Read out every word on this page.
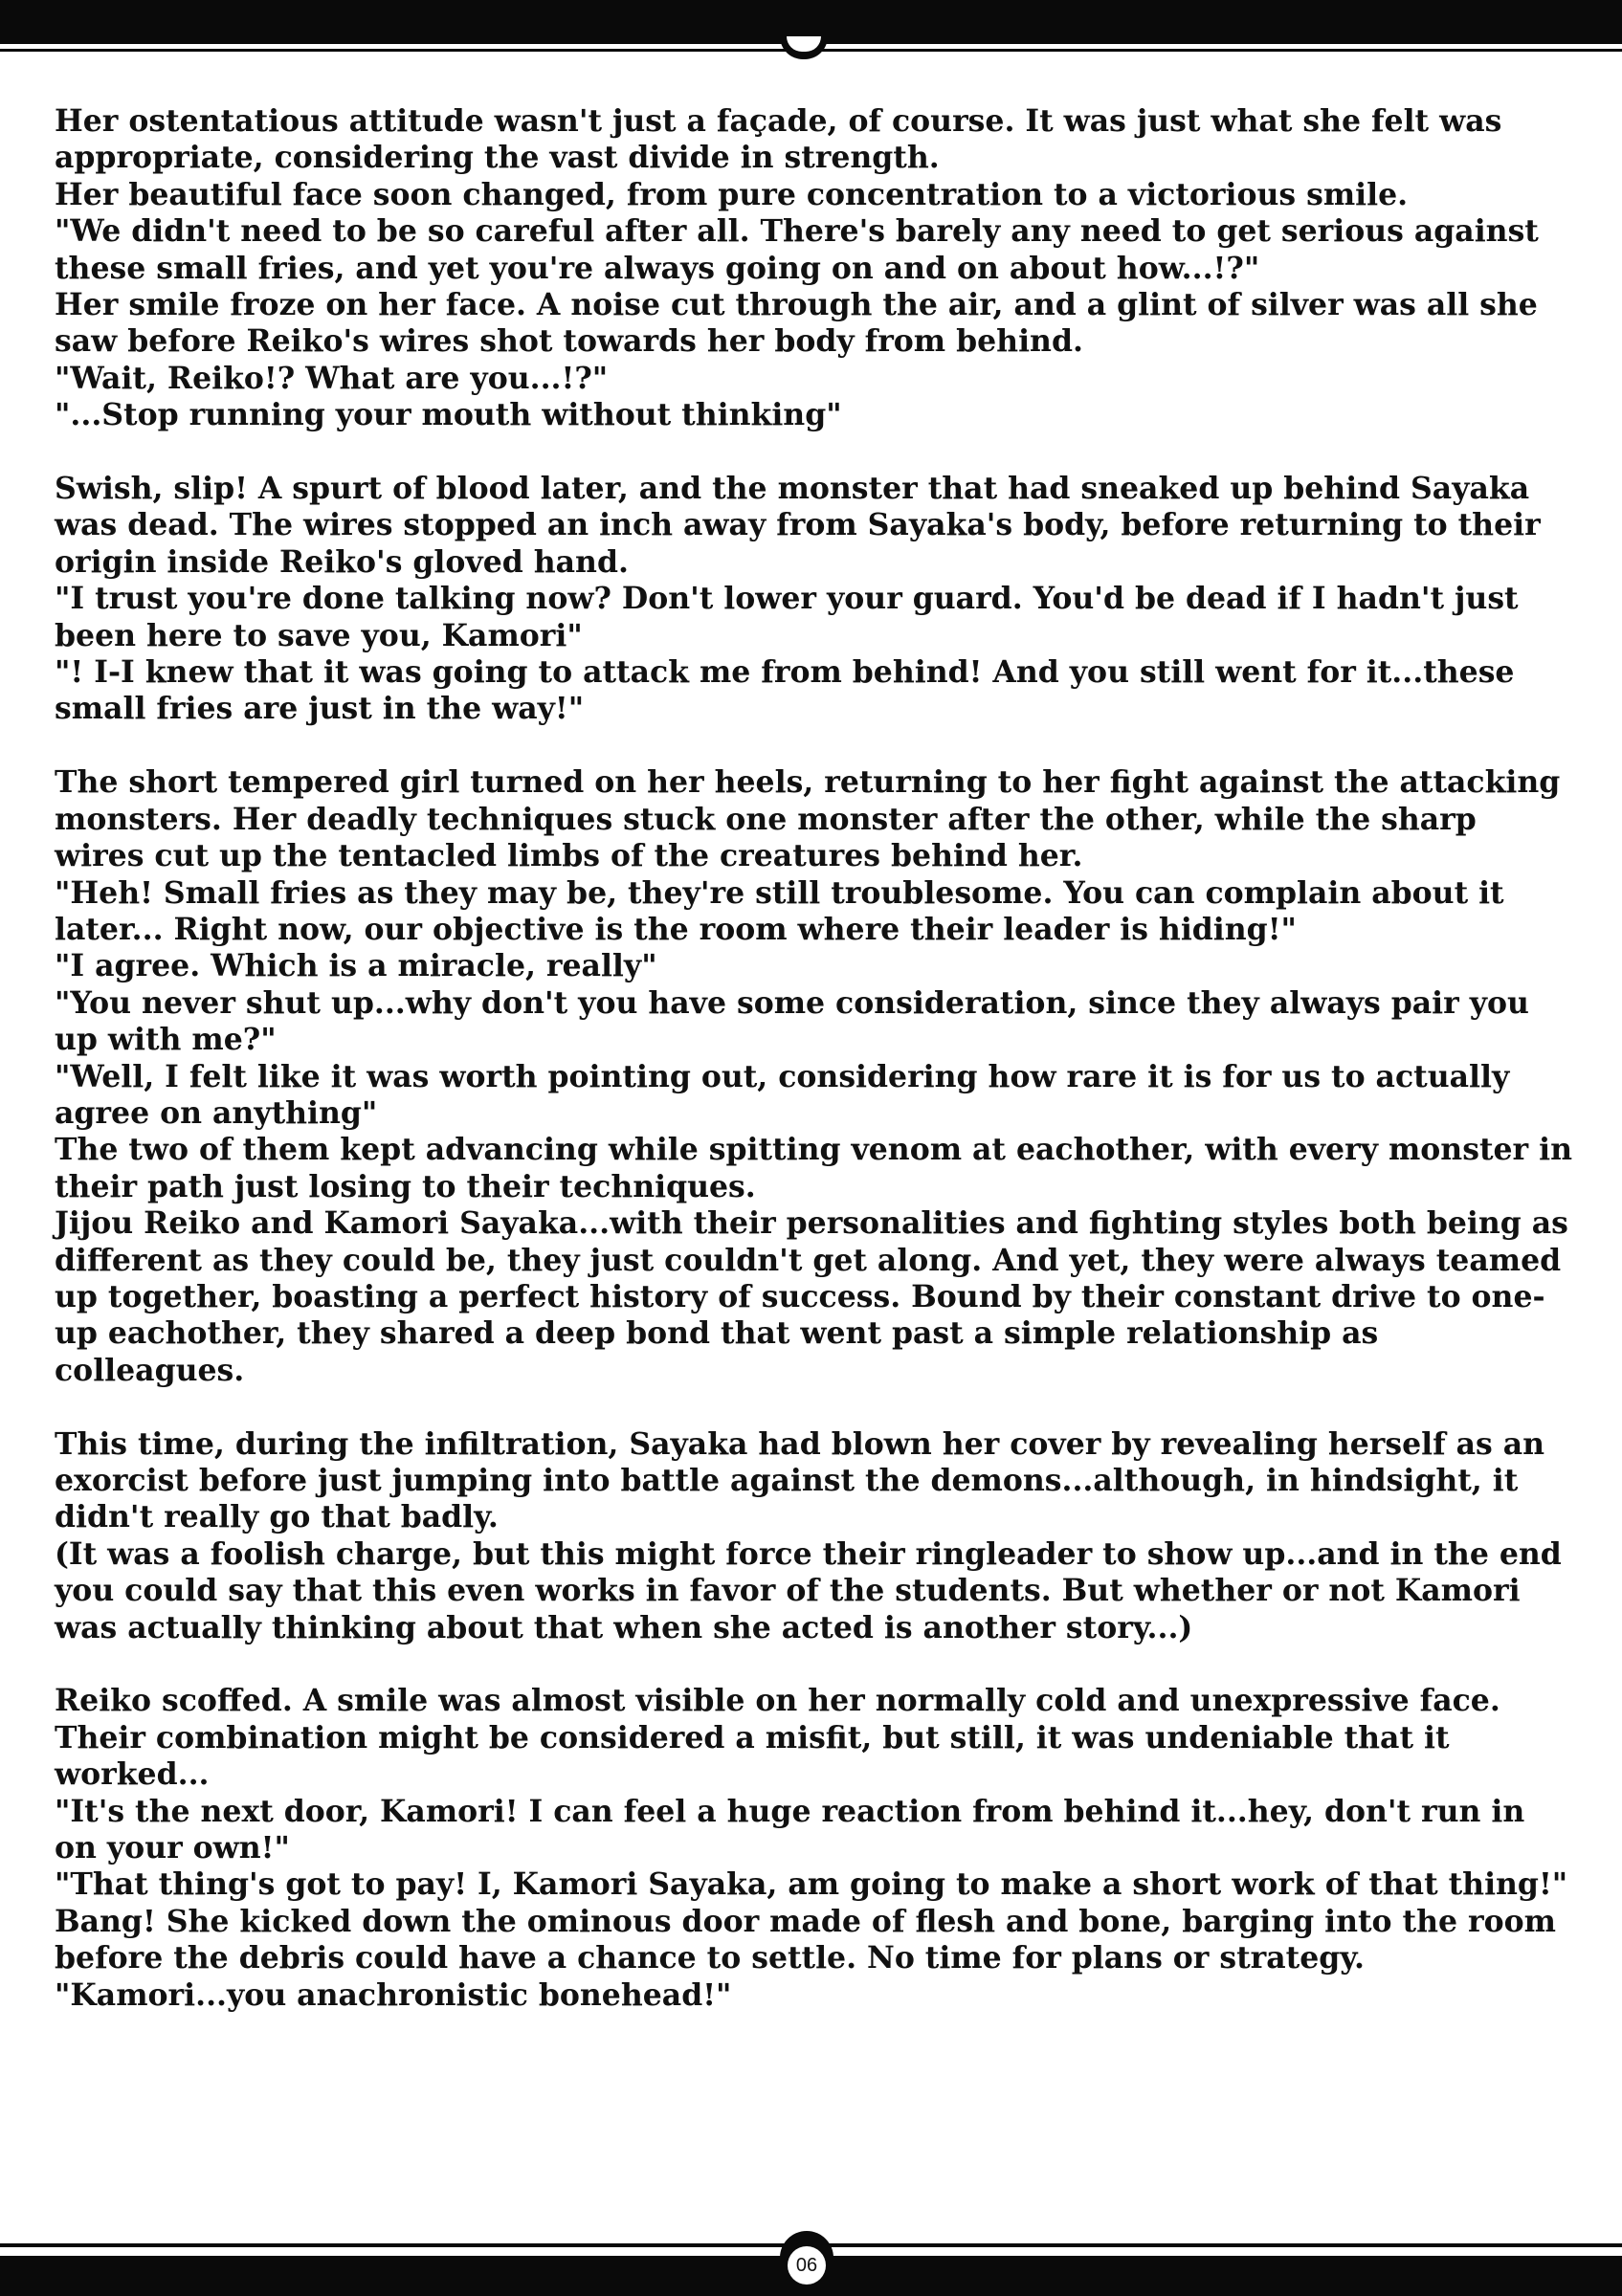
Her ostentatious attitude wasn't just a façade, of course. It was just what she felt was appropriate, considering the vast divide in strength.
Her beautiful face soon changed, from pure concentration to a victorious smile.
"We didn't need to be so careful after all. There's barely any need to get serious against these small fries, and yet you're always going on and on about how...!?"
Her smile froze on her face. A noise cut through the air, and a glint of silver was all she saw before Reiko's wires shot towards her body from behind.
"Wait, Reiko!? What are you...!?"
"...Stop running your mouth without thinking"

Swish, slip! A spurt of blood later, and the monster that had sneaked up behind Sayaka was dead. The wires stopped an inch away from Sayaka's body, before returning to their origin inside Reiko's gloved hand.
"I trust you're done talking now? Don't lower your guard. You'd be dead if I hadn't just been here to save you, Kamori"
"! I-I knew that it was going to attack me from behind! And you still went for it...these small fries are just in the way!"

The short tempered girl turned on her heels, returning to her fight against the attacking monsters. Her deadly techniques stuck one monster after the other, while the sharp wires cut up the tentacled limbs of the creatures behind her.
"Heh! Small fries as they may be, they're still troublesome. You can complain about it later... Right now, our objective is the room where their leader is hiding!"
"I agree. Which is a miracle, really"
"You never shut up...why don't you have some consideration, since they always pair you up with me?"
"Well, I felt like it was worth pointing out, considering how rare it is for us to actually agree on anything"
The two of them kept advancing while spitting venom at eachother, with every monster in their path just losing to their techniques.
Jijou Reiko and Kamori Sayaka...with their personalities and fighting styles both being as different as they could be, they just couldn't get along. And yet, they were always teamed up together, boasting a perfect history of success. Bound by their constant drive to one-up eachother, they shared a deep bond that went past a simple relationship as colleagues.

This time, during the infiltration, Sayaka had blown her cover by revealing herself as an exorcist before just jumping into battle against the demons...although, in hindsight, it didn't really go that badly.
(It was a foolish charge, but this might force their ringleader to show up...and in the end you could say that this even works in favor of the students. But whether or not Kamori was actually thinking about that when she acted is another story...)

Reiko scoffed. A smile was almost visible on her normally cold and unexpressive face.
Their combination might be considered a misfit, but still, it was undeniable that it worked...
"It's the next door, Kamori! I can feel a huge reaction from behind it...hey, don't run in on your own!"
"That thing's got to pay! I, Kamori Sayaka, am going to make a short work of that thing!"
Bang! She kicked down the ominous door made of flesh and bone, barging into the room before the debris could have a chance to settle. No time for plans or strategy.
"Kamori...you anachronistic bonehead!"

06
